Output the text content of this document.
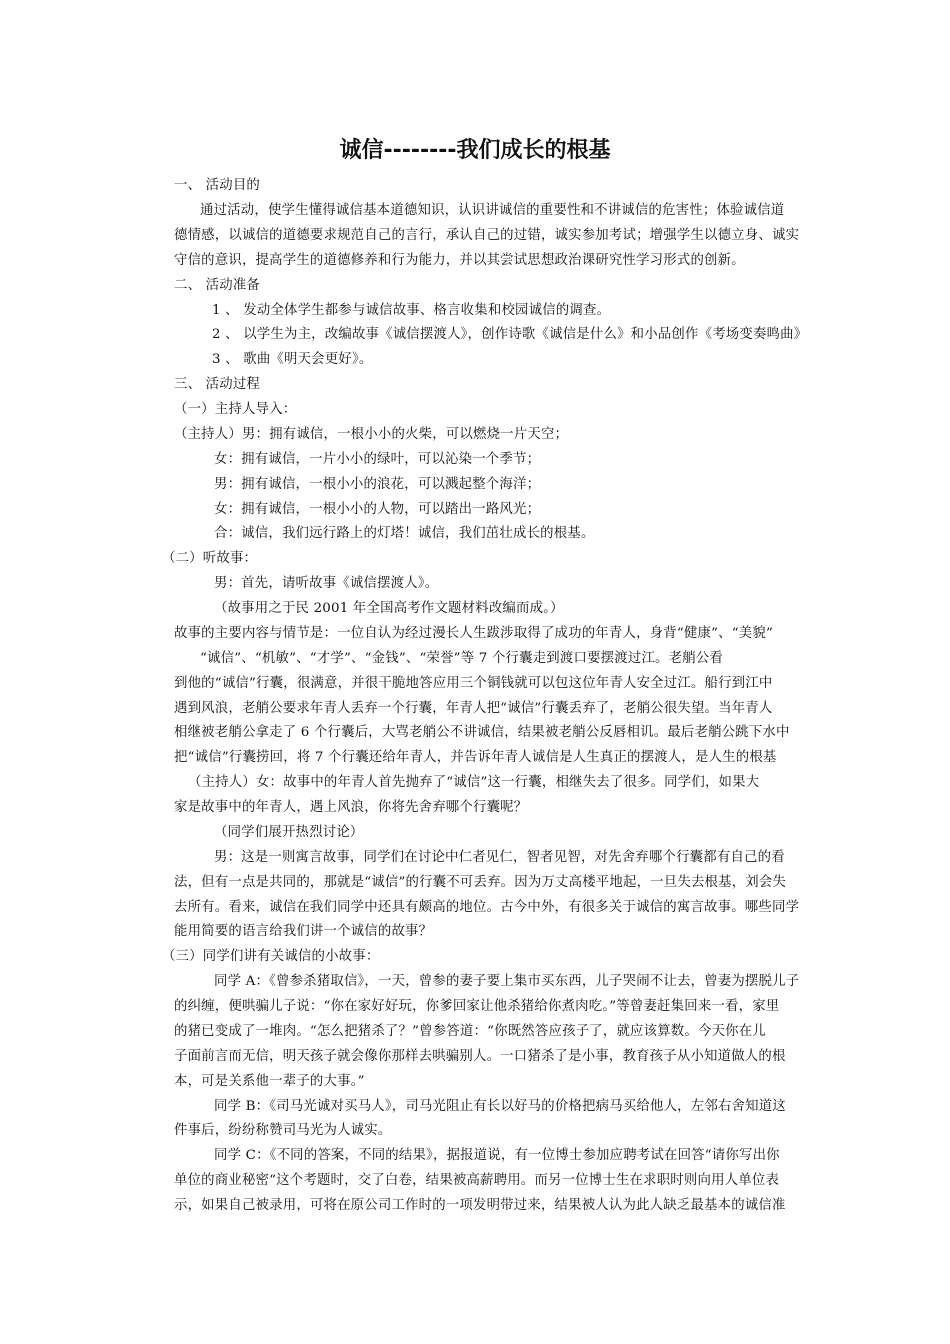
诚信--------我们成长的根基
一、 活动目的
通过活动，使学生懂得诚信基本道德知识，认识讲诚信的重要性和不讲诚信的危害性；体验诚信道
德情感，以诚信的道德要求规范自己的言行，承认自己的过错，诚实参加考试；增强学生以德立身、诚实
守信的意识，提高学生的道德修养和行为能力，并以其尝试思想政治课研究性学习形式的创新。
二、 活动准备
1 、 发动全体学生都参与诚信故事、格言收集和校园诚信的调查。
2 、 以学生为主，改编故事《诚信摆渡人》，创作诗歌《诚信是什么》和小品创作《考场变奏鸣曲》
3 、 歌曲《明天会更好》。
三、 活动过程
（一）主持人导入：
（主持人）男：拥有诚信，一根小小的火柴，可以燃烧一片天空；
女：拥有诚信，一片小小的绿叶，可以沁染一个季节；
男：拥有诚信，一根小小的浪花，可以溅起整个海洋；
女：拥有诚信，一根小小的人物，可以踏出一路风光；
合：诚信，我们远行路上的灯塔！诚信，我们茁壮成长的根基。
（二）听故事：
男：首先，请听故事《诚信摆渡人》。
（故事用之于民 2001 年全国高考作文题材料改编而成。）
故事的主要内容与情节是：一位自认为经过漫长人生跋涉取得了成功的年青人，身背“健康”、“美貌”
“诚信”、“机敏”、“才学”、“金钱”、“荣誉”等 7 个行囊走到渡口要摆渡过江。老艄公看
到他的“诚信”行囊，很满意，并很干脆地答应用三个铜钱就可以包这位年青人安全过江。船行到江中
遇到风浪，老艄公要求年青人丢弃一个行囊，年青人把“诚信”行囊丢弃了，老艄公很失望。当年青人
相继被老艄公拿走了 6 个行囊后，大骂老艄公不讲诚信，结果被老艄公反唇相讥。最后老艄公跳下水中
把“诚信”行囊捞回，将 7 个行囊还给年青人，并告诉年青人诚信是人生真正的摆渡人，是人生的根基
（主持人）女：故事中的年青人首先抛弃了“诚信”这一行囊，相继失去了很多。同学们，如果大
家是故事中的年青人，遇上风浪，你将先舍弃哪个行囊呢？
（同学们展开热烈讨论）
男：这是一则寓言故事，同学们在讨论中仁者见仁，智者见智，对先舍弃哪个行囊都有自己的看
法，但有一点是共同的，那就是“诚信”的行囊不可丢弃。因为万丈高楼平地起，一旦失去根基，刘会失
去所有。看来，诚信在我们同学中还具有颇高的地位。古今中外，有很多关于诚信的寓言故事。哪些同学
能用简要的语言给我们讲一个诚信的故事？
（三）同学们讲有关诚信的小故事：
同学 A：《曾参杀猪取信》，一天，曾参的妻子要上集市买东西，儿子哭闹不让去，曾妻为摆脱儿子
的纠缠，便哄骗儿子说：“你在家好好玩，你爹回家让他杀猪给你煮肉吃。”等曾妻赶集回来一看，家里
的猪已变成了一堆肉。“怎么把猪杀了？”曾参答道：“你既然答应孩子了，就应该算数。今天你在儿
子面前言而无信，明天孩子就会像你那样去哄骗别人。一口猪杀了是小事，教育孩子从小知道做人的根
本，可是关系他一辈子的大事。”
同学 B：《司马光诚对买马人》，司马光阻止有长以好马的价格把病马买给他人，左邻右舍知道这
件事后，纷纷称赞司马光为人诚实。
同学 C：《不同的答案，不同的结果》，据报道说，有一位博士参加应聘考试在回答“请你写出你
单位的商业秘密“这个考题时，交了白卷，结果被高薪聘用。而另一位博士生在求职时则向用人单位表
示，如果自己被录用，可将在原公司工作时的一项发明带过来，结果被人认为此人缺乏最基本的诚信准
